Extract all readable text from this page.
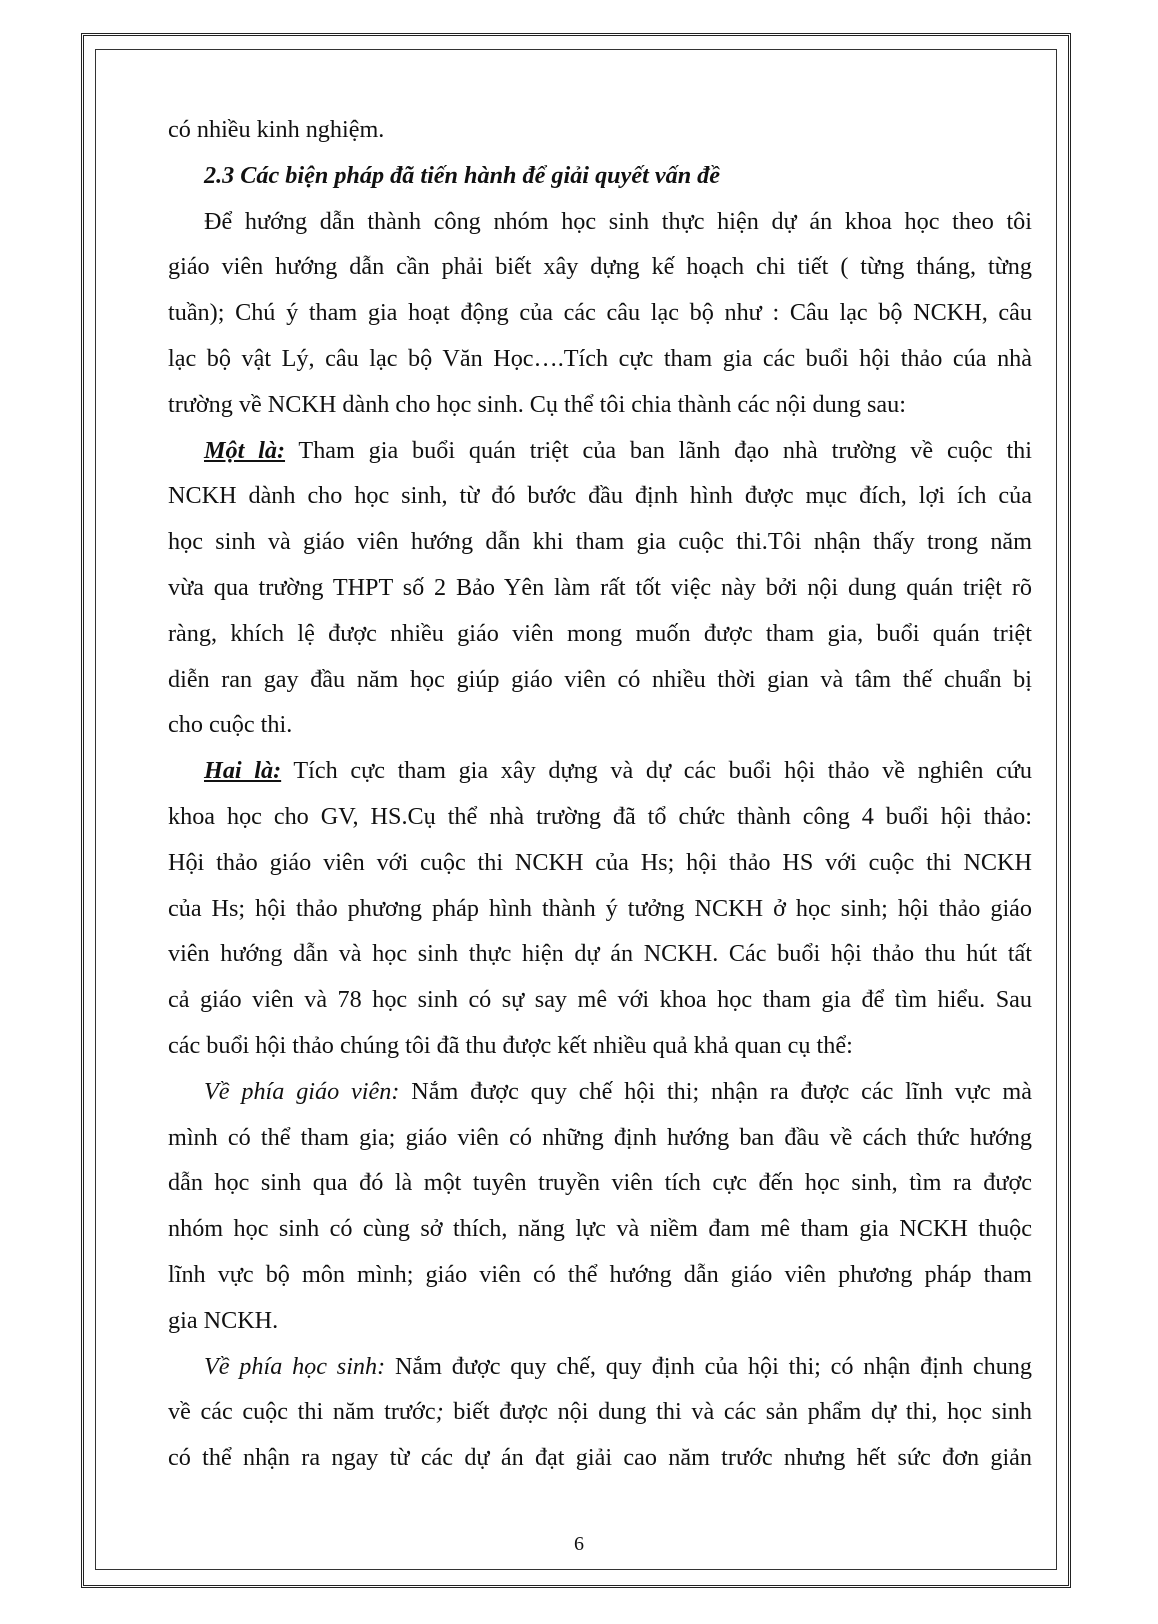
có nhiều kinh nghiệm.

2.3 Các biện pháp đã tiến hành để giải quyết vấn đề

Để hướng dẫn thành công nhóm học sinh thực hiện dự án khoa học theo tôi

giáo viên hướng dẫn cần phải biết xây dựng kế hoạch chi tiết ( từng tháng, từng

tuần); Chú ý tham gia hoạt động của các câu lạc bộ như : Câu lạc bộ NCKH, câu

lạc bộ vật Lý, câu lạc bộ Văn Học….Tích cực tham gia các buổi hội thảo cúa nhà

trường về NCKH dành cho học sinh. Cụ thể tôi chia thành các nội dung sau:

Một là: Tham gia buổi quán triệt của ban lãnh đạo nhà trường về cuộc thi

NCKH dành cho học sinh, từ đó bước đầu định hình được mục đích, lợi ích của

học sinh và giáo viên hướng dẫn khi tham gia cuộc thi.Tôi nhận thấy trong năm

vừa qua trường THPT số 2 Bảo Yên làm rất tốt việc này bởi nội dung quán triệt rõ

ràng, khích lệ được nhiều giáo viên mong muốn được tham gia, buổi quán triệt

diễn ran gay đầu năm học giúp giáo viên có nhiều thời gian và tâm thế chuẩn bị

cho cuộc thi.

Hai là: Tích cực tham gia xây dựng và dự các buổi hội thảo về nghiên cứu

khoa học cho GV, HS.Cụ thể nhà trường đã tổ chức thành công 4 buổi hội thảo:

Hội thảo giáo viên với cuộc thi NCKH của Hs; hội thảo HS với cuộc thi NCKH

của Hs; hội thảo phương pháp hình thành ý tưởng NCKH ở học sinh; hội thảo giáo

viên hướng dẫn và học sinh thực hiện dự án NCKH. Các buổi hội thảo thu hút tất

cả giáo viên và 78 học sinh có sự say mê với khoa học tham gia để tìm hiểu. Sau

các buổi hội thảo chúng tôi đã thu được kết nhiều quả khả quan cụ thể:

Về phía giáo viên: Nắm được quy chế hội thi; nhận ra được các lĩnh vực mà

mình có thể tham gia; giáo viên có những định hướng ban đầu về cách thức hướng

dẫn học sinh qua đó là một tuyên truyền viên tích cực đến học sinh, tìm ra được

nhóm học sinh có cùng sở thích, năng lực và niềm đam mê tham gia NCKH thuộc

lĩnh vực bộ môn mình; giáo viên có thể hướng dẫn giáo viên phương pháp tham

gia NCKH.

Về phía học sinh: Nắm được quy chế, quy định của hội thi; có nhận định chung

về các cuộc thi năm trước; biết được nội dung thi và các sản phẩm dự thi, học sinh

có thể nhận ra ngay từ các dự án đạt giải cao năm trước nhưng hết sức đơn giản

6
